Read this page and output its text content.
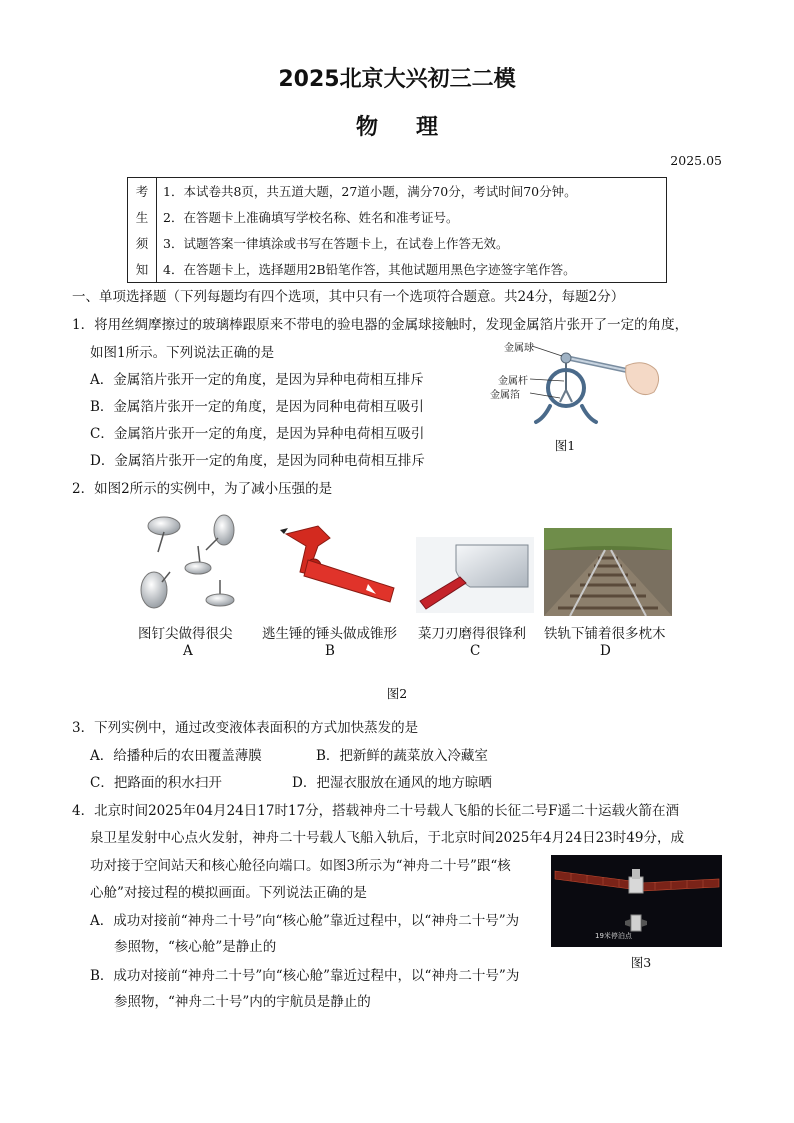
2025北京大兴初三二模
物理
2025.05
考	1．本试卷共8页，共五道大题，27道小题，满分70分，考试时间70分钟。
生	2．在答题卡上准确填写学校名称、姓名和准考证号。
须	3．试题答案一律填涂或书写在答题卡上，在试卷上作答无效。
知	4．在答题卡上，选择题用2B铅笔作答，其他试题用黑色字迹签字笔作答。
一、单项选择题（下列每题均有四个选项，其中只有一个选项符合题意。共24分，每题2分）
1．将用丝绸摩擦过的玻璃棒跟原来不带电的验电器的金属球接触时，发现金属箔片张开了一定的角度，
如图1所示。下列说法正确的是
A．金属箔片张开一定的角度，是因为异种电荷相互排斥
B．金属箔片张开一定的角度，是因为同种电荷相互吸引
C．金属箔片张开一定的角度，是因为异种电荷相互吸引
D．金属箔片张开一定的角度，是因为同种电荷相互排斥
金属球
金属杆
金属箔
图1
2．如图2所示的实例中，为了减小压强的是
图钉尖做得很尖
A
逃生锤的锤头做成锥形
B
菜刀刃磨得很锋利
C
铁轨下铺着很多枕木
D
图2
3．下列实例中，通过改变液体表面积的方式加快蒸发的是
A．给播种后的农田覆盖薄膜	B．把新鲜的蔬菜放入冷藏室
C．把路面的积水扫开	D．把湿衣服放在通风的地方晾晒
4．北京时间2025年04月24日17时17分，搭载神舟二十号载人飞船的长征二号F遥二十运载火箭在酒
泉卫星发射中心点火发射，神舟二十号载人飞船入轨后，于北京时间2025年4月24日23时49分，成
功对接于空间站天和核心舱径向端口。如图3所示为“神舟二十号”跟“核
心舱”对接过程的模拟画面。下列说法正确的是
A．成功对接前“神舟二十号”向“核心舱”靠近过程中，以“神舟二十号”为
参照物，“核心舱”是静止的
B．成功对接前“神舟二十号”向“核心舱”靠近过程中，以“神舟二十号”为
参照物，“神舟二十号”内的宇航员是静止的
19米停泊点
图3
